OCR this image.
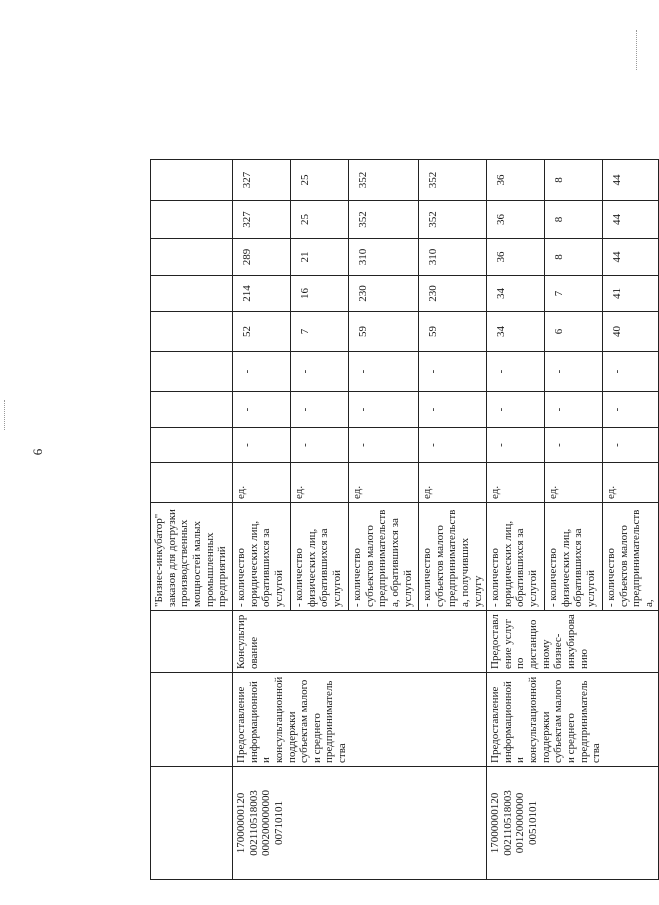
6
			"Бизнес-инкубатор" заказов для догрузки производственных мощностей малых промышленных предприятий									
17000000120 002110518003 000200000000 00710101	Предоставление информационной и консультационной поддержки субъектам малого и среднего предпринимательства	Консультирование	- количество юридических лиц, обратившихся за услугой	ед.	-	-	-	52	214	289	327	327
			- количество физических лиц, обратившихся за услугой	ед.	-	-	-	7	16	21	25	25
			- количество субъектов малого предпринимательства, обратившихся за услугой	ед.	-	-	-	59	230	310	352	352
			- количество субъектов малого предпринимательства, получивших услугу	ед.	-	-	-	59	230	310	352	352
17000000120 002110518003 00120000000 00510101	Предоставление информационной и консультационной поддержки субъектам малого и среднего предпринимательства	Предоставление услуг по дистанционному бизнес-инкубированию	- количество юридических лиц, обратившихся за услугой	ед.	-	-	-	34	34	36	36	36
			- количество физических лиц, обратившихся за услугой	ед.	-	-	-	6	7	8	8	8
			- количество субъектов малого предпринимательства,	ед.	-	-	-	40	41	44	44	44
